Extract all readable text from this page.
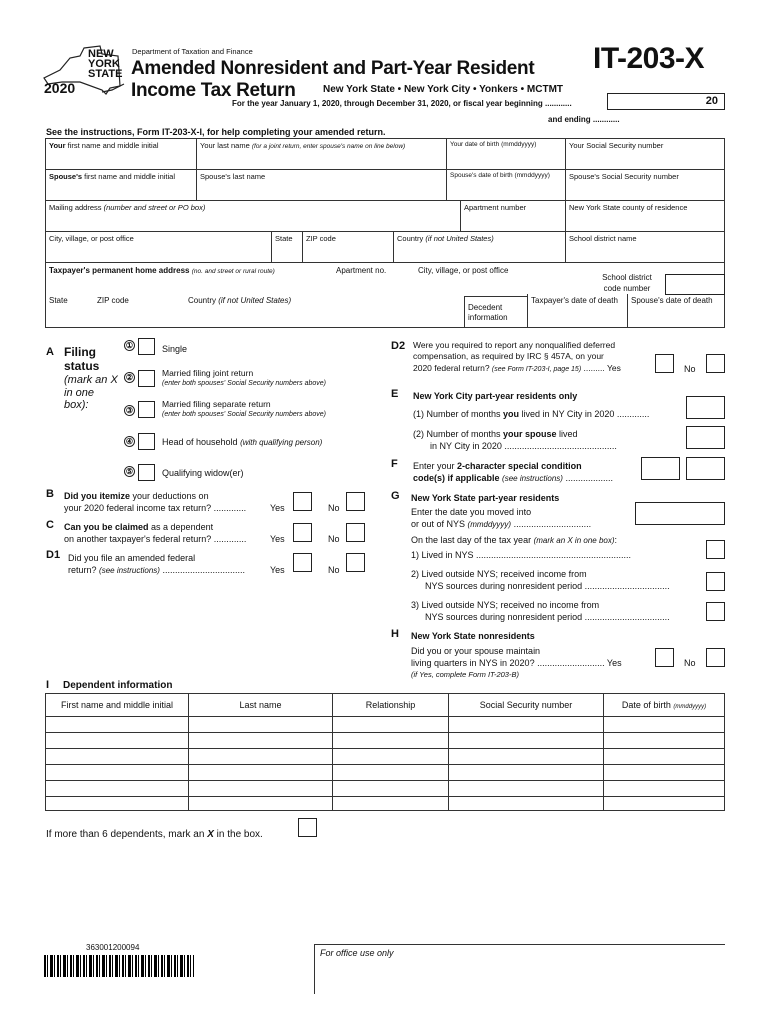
NEW
YORK
STATE
2020
Department of Taxation and Finance
Amended Nonresident and Part-Year Resident
Income Tax Return	New York State • New York City • Yonkers • MCTMT
IT-203-X
For the year January 1, 2020, through December 31, 2020, or fiscal year beginning ............
and ending ............
20
See the instructions, Form IT-203-X-I, for help completing your amended return.
Your first name and middle initial	Your last name (for a joint return, enter spouse's name on line below)	Your date of birth (mmddyyyy)	Your Social Security number
Spouse's first name and middle initial	Spouse's last name	Spouse's date of birth (mmddyyyy)	Spouse's Social Security number
Mailing address (number and street or PO box)	Apartment number	New York State county of residence
City, village, or post office	State	ZIP code	Country (if not United States)	School district name
Taxpayer's permanent home address (no. and street or rural route)	Apartment no.	City, village, or post office
School district code number
State	ZIP code	Country (if not United States)
Decedent information
Taxpayer's date of death	Spouse's date of death
A Filing status
(mark an X in one box):
①	Single
②	Married filing joint return
(enter both spouses' Social Security numbers above)
③
Married filing separate return
(enter both spouses' Social Security numbers above)
④	Head of household (with qualifying person)
⑤	Qualifying widow(er)
B Did you itemize your deductions on
your 2020 federal income tax return? .............	Yes	No
C Can you be claimed as a dependent
on another taxpayer's federal return? .............	Yes	No
D1 Did you file an amended federal
return? (see instructions) .................................	Yes	No
D2 Were you required to report any nonqualified deferred
compensation, as required by IRC § 457A, on your
2020 federal return? (see Form IT-203-I, page 15) ......... Yes	No
E New York City part-year residents only
(1) Number of months you lived in NY City in 2020 .............
(2) Number of months your spouse lived
in NY City in 2020 .............................................
F Enter your 2-character special condition
code(s) if applicable (see instructions) ...................
G New York State part-year residents
Enter the date you moved into
or out of NYS (mmddyyyy) ...............................
On the last day of the tax year (mark an X in one box):
1) Lived in NYS ..............................................................
2) Lived outside NYS; received income from
NYS sources during nonresident period ..................................
3) Lived outside NYS; received no income from
NYS sources during nonresident period ..................................
H New York State nonresidents
Did you or your spouse maintain
living quarters in NYS in 2020? ........................... Yes
(if Yes, complete Form IT-203-B)
No
I Dependent information
First name and middle initial	Last name	Relationship	Social Security number	Date of birth (mmddyyyy)
If more than 6 dependents, mark an X in the box.
363001200094
For office use only
